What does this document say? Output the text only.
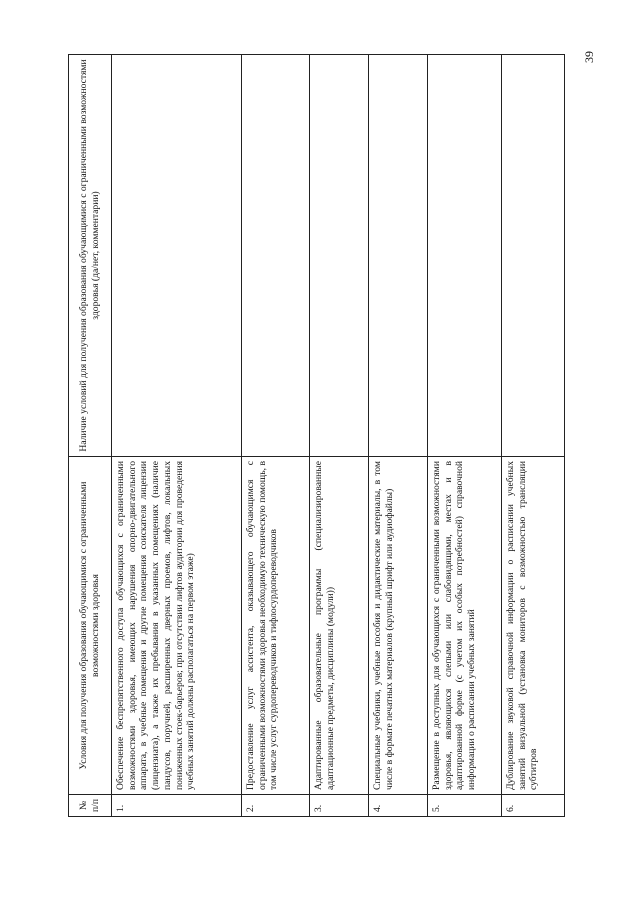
39
№ п/п	Условия для получения образования обучающимися с ограниченными возможностями здоровья	Наличие условий для получения образования обучающимися с ограниченными возможностями здоровья (да/нет, комментарии)
1.	Обеспечение беспрепятственного доступа обучающихся с ограниченными возможностями здоровья, имеющих нарушения опорно-двигательного аппарата, в учебные помещения и другие помещения соискателя лицензии (лицензиата), а также их пребывания в указанных помещениях (наличие пандусов, поручней, расширенных дверных проемов, лифтов, локальных пониженных стоек-барьеров; при отсутствии лифтов аудитории для проведения учебных занятий должны располагаться на первом этаже)	
2.	Предоставление услуг ассистента, оказывающего обучающимся с ограниченными возможностями здоровья необходимую техническую помощь, в том числе услуг сурдопереводчиков и тифлосурдопереводчиков	
3.	Адаптированные образовательные программы (специализированные адаптационные предметы, дисциплины (модули))	
4.	Специальные учебники, учебные пособия и дидактические материалы, в том числе в формате печатных материалов (крупный шрифт или аудиофайлы)	
5.	Размещение в доступных для обучающихся с ограниченными возможностями здоровья, являющихся слепыми или слабовидящими, местах и в адаптированной форме (с учетом их особых потребностей) справочной информации о расписании учебных занятий	
6.	Дублирование звуковой справочной информации о расписании учебных занятий визуальной (установка мониторов с возможностью трансляции субтитров	
